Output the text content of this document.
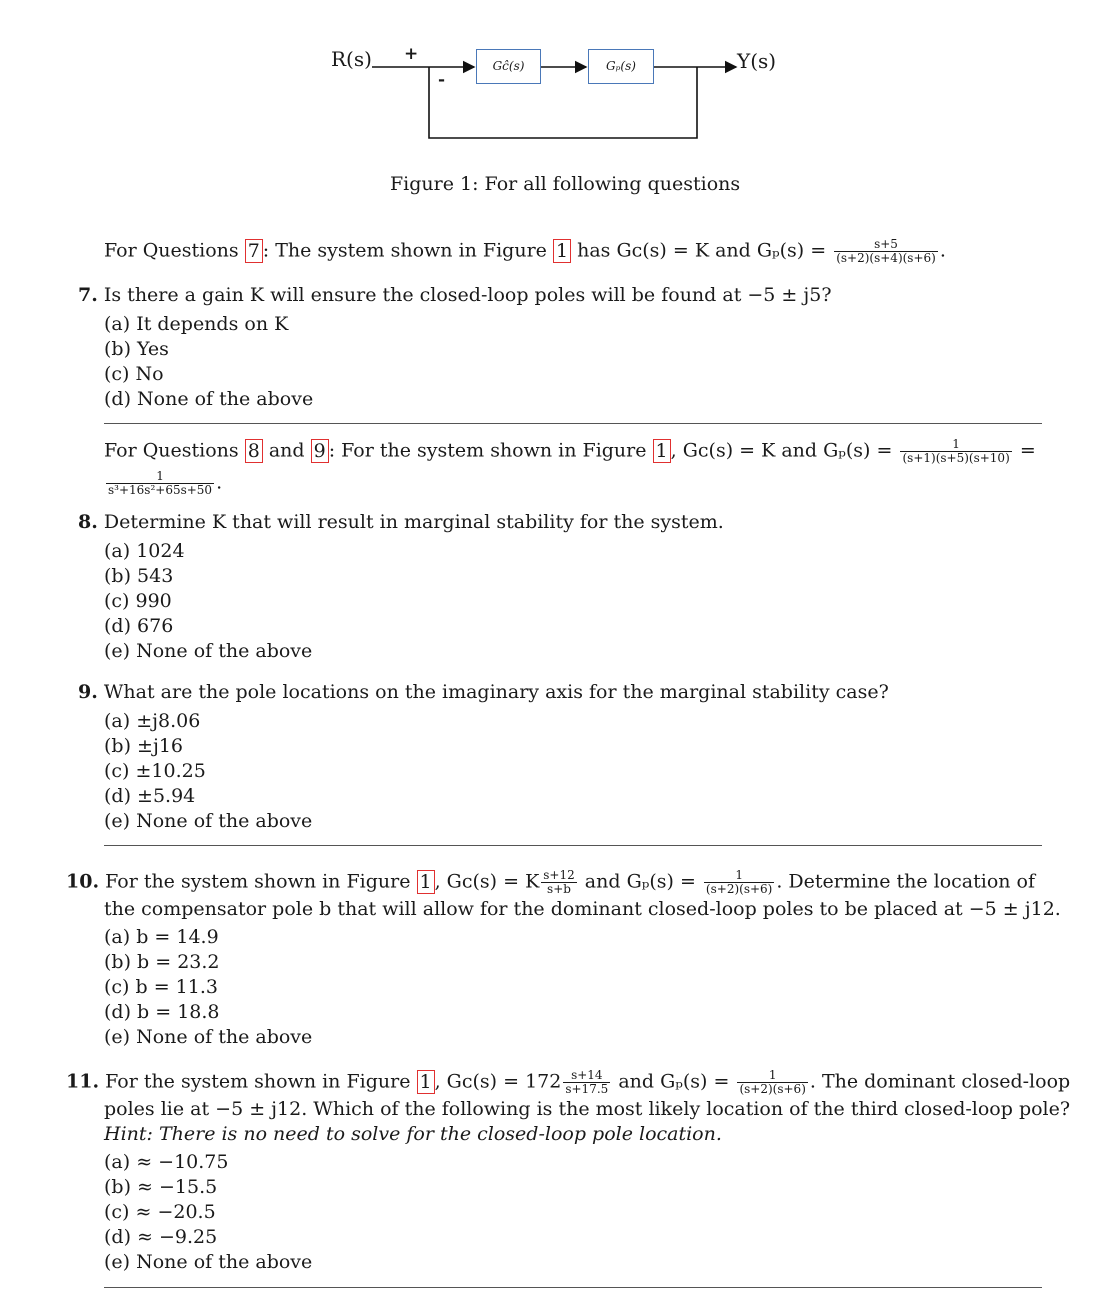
R(s) +
-
Gĉ(s)	Gₚ(s)	Y(s)
Figure 1: For all following questions
For Questions 7 : The system shown in Figure 1 has Gᴄ(s) = K and $G_p(s) = \frac{s+5}{(s+2)(s+4)(s+6)}$ .
7. Is there a gain K will ensure the closed-loop poles will be found at −5 ± j5?
(a) It depends on K
(b) Yes
(c) No
(d) None of the above
For Questions 8 and 9 : For the system shown in Figure 1 , Gᴄ(s) = K and $G_p(s) = \frac{1}{(s+1)(s+5)(s+10)}$ =
$\frac{1}{\text{s³+16s²+65s+50}}$ .
8. Determine K that will result in marginal stability for the system.
(a) 1024
(b) 543
(c) 990
(d) 676
(e) None of the above
9. What are the pole locations on the imaginary axis for the marginal stability case?
(a) ±j8.06
(b) ±j16
(c) ±10.25
(d) ±5.94
(e) None of the above
10. For the system shown in Figure 1 , Gᴄ(s) = K $\frac{s+12}{s+b}$ and $G_p(s) = \frac{1}{(s+2)(s+6)}$ . Determine the location of
the compensator pole b that will allow for the dominant closed-loop poles to be placed at −5 ± j12.
(a) b = 14.9
(b) b = 23.2
(c) b = 11.3
(d) b = 18.8
(e) None of the above
11. For the system shown in Figure 1 , Gᴄ(s) = $172 \frac{s+14}{s+17.5}$ and $G_p(s) = \frac{1}{(s+2)(s+6)}$ . The dominant closed-loop
poles lie at −5 ± j12. Which of the following is the most likely location of the third closed-loop pole?
Hint: There is no need to solve for the closed-loop pole location.
(a) ≈ −10.75
(b) ≈ −15.5
(c) ≈ −20.5
(d) ≈ −9.25
(e) None of the above
